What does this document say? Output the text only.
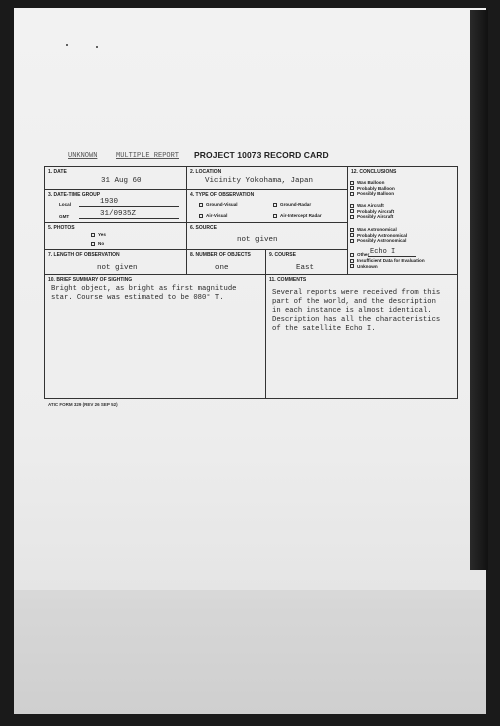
UNKNOWN	MULTIPLE REPORT PROJECT 10073 RECORD CARD
1. DATE
31 Aug 60
2. LOCATION
Vicinity Yokohama, Japan
3. DATE-TIME GROUP
Local	1930
GMT	31/0935Z
4. TYPE OF OBSERVATION
Ground-Visual	Ground-Radar
Air-Visual	Air-Intercept Radar
5. PHOTOS
Yes
No
6. SOURCE
not given
7. LENGTH OF OBSERVATION
not given
8. NUMBER OF OBJECTS
one
9. COURSE
East
12. CONCLUSIONS
Was Balloon
Probably Balloon
Possibly Balloon
Was Aircraft
Probably Aircraft
Possibly Aircraft
Was Astronomical
Probably Astronomical
Possibly Astronomical
Other Echo I
Insufficient Data for Evaluation
Unknown
10. BRIEF SUMMARY OF SIGHTING
Bright object, as bright as first magnitude
star. Course was estimated to be 080° T.
11. COMMENTS
Several reports were received from this
part of the world, and the description
in each instance is almost identical.
Description has all the characteristics
of the satellite Echo I.
ATIC FORM 329 (REV 26 SEP 52)
